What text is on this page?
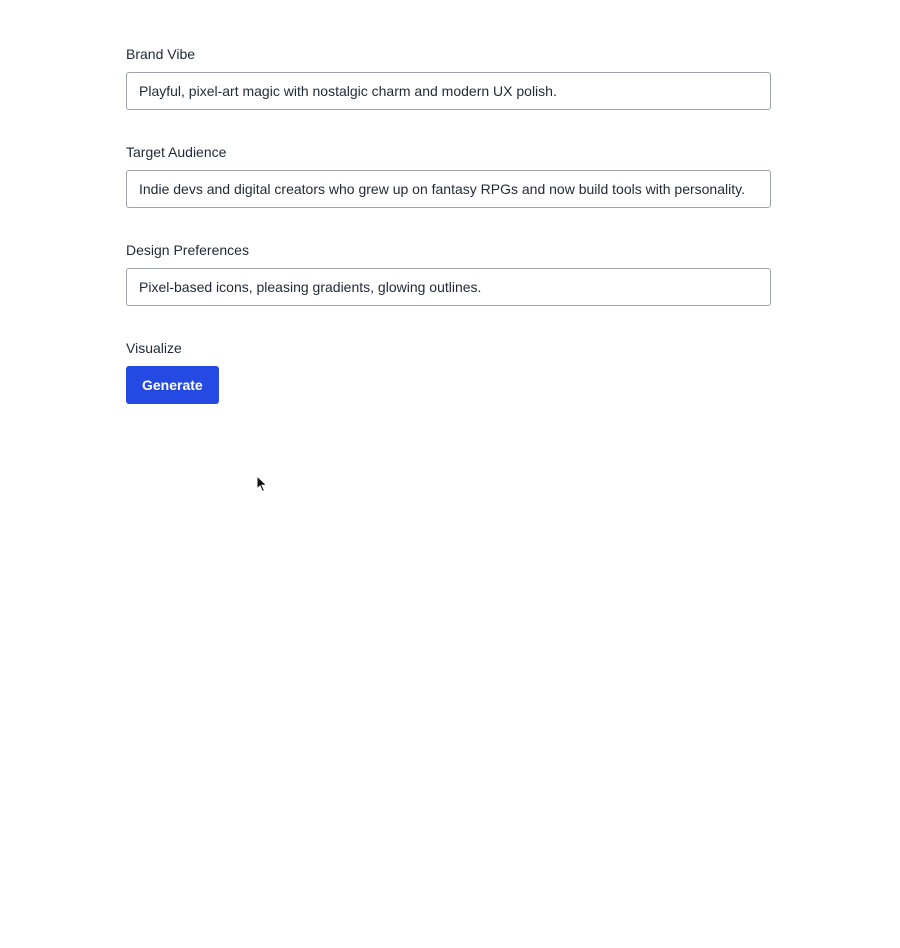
Brand Vibe
Playful, pixel-art magic with nostalgic charm and modern UX polish.
Target Audience
Indie devs and digital creators who grew up on fantasy RPGs and now build tools with personality.
Design Preferences
Pixel-based icons, pleasing gradients, glowing outlines.
Visualize
Generate
